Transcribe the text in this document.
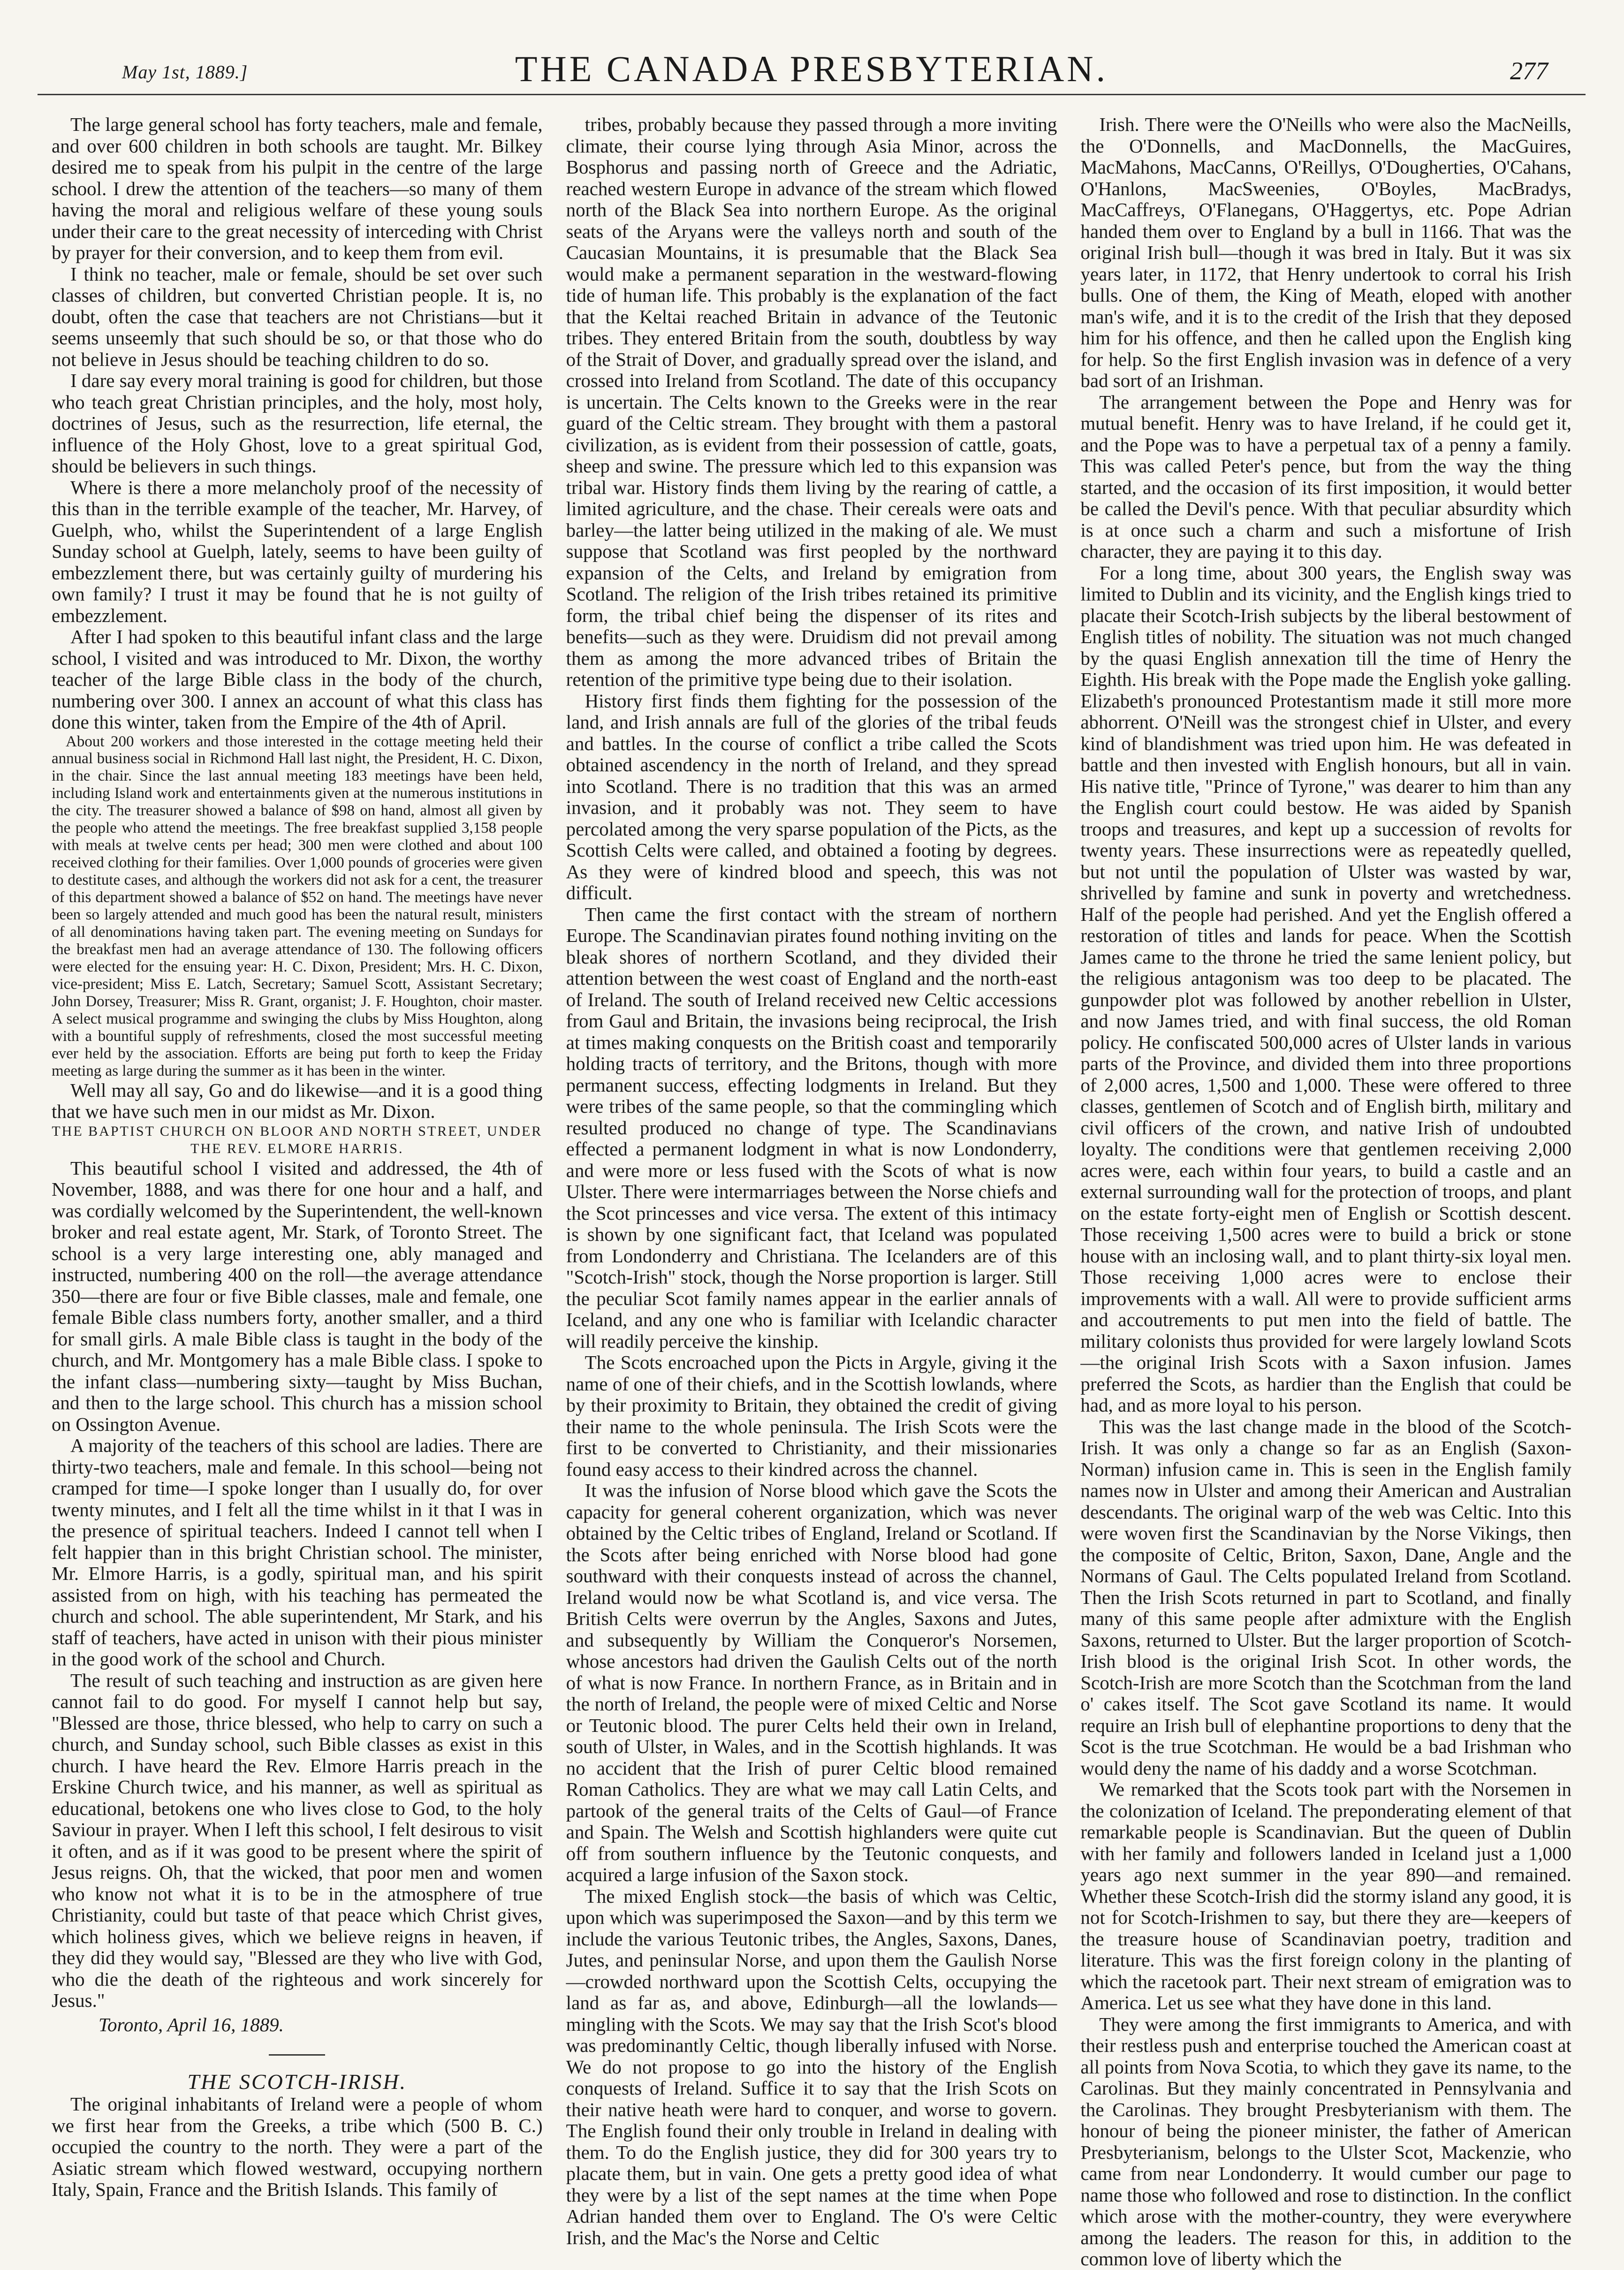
May 1st, 1889.]	THE CANADA PRESBYTERIAN.	277

The large general school has forty teachers, male and female, and over 600 children in both schools are taught. Mr. Bilkey desired me to speak from his pulpit in the centre of the large school. I drew the attention of the teachers—so many of them having the moral and religious welfare of these young souls under their care to the great necessity of interceding with Christ by prayer for their conversion, and to keep them from evil.

I think no teacher, male or female, should be set over such classes of children, but converted Christian people. It is, no doubt, often the case that teachers are not Christians—but it seems unseemly that such should be so, or that those who do not believe in Jesus should be teaching children to do so.

I dare say every moral training is good for children, but those who teach great Christian principles, and the holy, most holy, doctrines of Jesus, such as the resurrection, life eternal, the influence of the Holy Ghost, love to a great spiritual God, should be believers in such things.

Where is there a more melancholy proof of the necessity of this than in the terrible example of the teacher, Mr. Harvey, of Guelph, who, whilst the Superintendent of a large English Sunday school at Guelph, lately, seems to have been guilty of embezzlement there, but was certainly guilty of murdering his own family? I trust it may be found that he is not guilty of embezzlement.

After I had spoken to this beautiful infant class and the large school, I visited and was introduced to Mr. Dixon, the worthy teacher of the large Bible class in the body of the church, numbering over 300. I annex an account of what this class has done this winter, taken from the Empire of the 4th of April.

About 200 workers and those interested in the cottage meeting held their annual business social in Richmond Hall last night, the President, H. C. Dixon, in the chair. Since the last annual meeting 183 meetings have been held, including Island work and entertainments given at the numerous institutions in the city. The treasurer showed a balance of $98 on hand, almost all given by the people who attend the meetings. The free breakfast supplied 3,158 people with meals at twelve cents per head; 300 men were clothed and about 100 received clothing for their families. Over 1,000 pounds of groceries were given to destitute cases, and although the workers did not ask for a cent, the treasurer of this department showed a balance of $52 on hand. The meetings have never been so largely attended and much good has been the natural result, ministers of all denominations having taken part. The evening meeting on Sundays for the breakfast men had an average attendance of 130. The following officers were elected for the ensuing year: H. C. Dixon, President; Mrs. H. C. Dixon, vice-president; Miss E. Latch, Secretary; Samuel Scott, Assistant Secretary; John Dorsey, Treasurer; Miss R. Grant, organist; J. F. Houghton, choir master. A select musical programme and swinging the clubs by Miss Houghton, along with a bountiful supply of refreshments, closed the most successful meeting ever held by the association. Efforts are being put forth to keep the Friday meeting as large during the summer as it has been in the winter.

Well may all say, Go and do likewise—and it is a good thing that we have such men in our midst as Mr. Dixon.

THE BAPTIST CHURCH ON BLOOR AND NORTH STREET, UNDER THE REV. ELMORE HARRIS.

This beautiful school I visited and addressed, the 4th of November, 1888, and was there for one hour and a half, and was cordially welcomed by the Superintendent, the well-known broker and real estate agent, Mr. Stark, of Toronto Street. The school is a very large interesting one, ably managed and instructed, numbering 400 on the roll—the average attendance 350—there are four or five Bible classes, male and female, one female Bible class numbers forty, another smaller, and a third for small girls. A male Bible class is taught in the body of the church, and Mr. Montgomery has a male Bible class. I spoke to the infant class—numbering sixty—taught by Miss Buchan, and then to the large school. This church has a mission school on Ossington Avenue.

A majority of the teachers of this school are ladies. There are thirty-two teachers, male and female. In this school—being not cramped for time—I spoke longer than I usually do, for over twenty minutes, and I felt all the time whilst in it that I was in the presence of spiritual teachers. Indeed I cannot tell when I felt happier than in this bright Christian school. The minister, Mr. Elmore Harris, is a godly, spiritual man, and his spirit assisted from on high, with his teaching has permeated the church and school. The able superintendent, Mr Stark, and his staff of teachers, have acted in unison with their pious minister in the good work of the school and Church.

The result of such teaching and instruction as are given here cannot fail to do good. For myself I cannot help but say, "Blessed are those, thrice blessed, who help to carry on such a church, and Sunday school, such Bible classes as exist in this church. I have heard the Rev. Elmore Harris preach in the Erskine Church twice, and his manner, as well as spiritual as educational, betokens one who lives close to God, to the holy Saviour in prayer. When I left this school, I felt desirous to visit it often, and as if it was good to be present where the spirit of Jesus reigns. Oh, that the wicked, that poor men and women who know not what it is to be in the atmosphere of true Christianity, could but taste of that peace which Christ gives, which holiness gives, which we believe reigns in heaven, if they did they would say, "Blessed are they who live with God, who die the death of the righteous and work sincerely for Jesus."

Toronto, April 16, 1889.

THE SCOTCH-IRISH.

The original inhabitants of Ireland were a people of whom we first hear from the Greeks, a tribe which (500 B. C.) occupied the country to the north. They were a part of the Asiatic stream which flowed westward, occupying northern Italy, Spain, France and the British Islands. This family of

tribes, probably because they passed through a more inviting climate, their course lying through Asia Minor, across the Bosphorus and passing north of Greece and the Adriatic, reached western Europe in advance of the stream which flowed north of the Black Sea into northern Europe. As the original seats of the Aryans were the valleys north and south of the Caucasian Mountains, it is presumable that the Black Sea would make a permanent separation in the westward-flowing tide of human life. This probably is the explanation of the fact that the Keltai reached Britain in advance of the Teutonic tribes. They entered Britain from the south, doubtless by way of the Strait of Dover, and gradually spread over the island, and crossed into Ireland from Scotland. The date of this occupancy is uncertain. The Celts known to the Greeks were in the rear guard of the Celtic stream. They brought with them a pastoral civilization, as is evident from their possession of cattle, goats, sheep and swine. The pressure which led to this expansion was tribal war. History finds them living by the rearing of cattle, a limited agriculture, and the chase. Their cereals were oats and barley—the latter being utilized in the making of ale. We must suppose that Scotland was first peopled by the northward expansion of the Celts, and Ireland by emigration from Scotland. The religion of the Irish tribes retained its primitive form, the tribal chief being the dispenser of its rites and benefits—such as they were. Druidism did not prevail among them as among the more advanced tribes of Britain the retention of the primitive type being due to their isolation.

History first finds them fighting for the possession of the land, and Irish annals are full of the glories of the tribal feuds and battles. In the course of conflict a tribe called the Scots obtained ascendency in the north of Ireland, and they spread into Scotland. There is no tradition that this was an armed invasion, and it probably was not. They seem to have percolated among the very sparse population of the Picts, as the Scottish Celts were called, and obtained a footing by degrees. As they were of kindred blood and speech, this was not difficult.

Then came the first contact with the stream of northern Europe. The Scandinavian pirates found nothing inviting on the bleak shores of northern Scotland, and they divided their attention between the west coast of England and the north-east of Ireland. The south of Ireland received new Celtic accessions from Gaul and Britain, the invasions being reciprocal, the Irish at times making conquests on the British coast and temporarily holding tracts of territory, and the Britons, though with more permanent success, effecting lodgments in Ireland. But they were tribes of the same people, so that the commingling which resulted produced no change of type. The Scandinavians effected a permanent lodgment in what is now Londonderry, and were more or less fused with the Scots of what is now Ulster. There were intermarriages between the Norse chiefs and the Scot princesses and vice versa. The extent of this intimacy is shown by one significant fact, that Iceland was populated from Londonderry and Christiana. The Icelanders are of this "Scotch-Irish" stock, though the Norse proportion is larger. Still the peculiar Scot family names appear in the earlier annals of Iceland, and any one who is familiar with Icelandic character will readily perceive the kinship.

The Scots encroached upon the Picts in Argyle, giving it the name of one of their chiefs, and in the Scottish lowlands, where by their proximity to Britain, they obtained the credit of giving their name to the whole peninsula. The Irish Scots were the first to be converted to Christianity, and their missionaries found easy access to their kindred across the channel.

It was the infusion of Norse blood which gave the Scots the capacity for general coherent organization, which was never obtained by the Celtic tribes of England, Ireland or Scotland. If the Scots after being enriched with Norse blood had gone southward with their conquests instead of across the channel, Ireland would now be what Scotland is, and vice versa. The British Celts were overrun by the Angles, Saxons and Jutes, and subsequently by William the Conqueror's Norsemen, whose ancestors had driven the Gaulish Celts out of the north of what is now France. In northern France, as in Britain and in the north of Ireland, the people were of mixed Celtic and Norse or Teutonic blood. The purer Celts held their own in Ireland, south of Ulster, in Wales, and in the Scottish highlands. It was no accident that the Irish of purer Celtic blood remained Roman Catholics. They are what we may call Latin Celts, and partook of the general traits of the Celts of Gaul—of France and Spain. The Welsh and Scottish highlanders were quite cut off from southern influence by the Teutonic conquests, and acquired a large infusion of the Saxon stock.

The mixed English stock—the basis of which was Celtic, upon which was superimposed the Saxon—and by this term we include the various Teutonic tribes, the Angles, Saxons, Danes, Jutes, and peninsular Norse, and upon them the Gaulish Norse—crowded northward upon the Scottish Celts, occupying the land as far as, and above, Edinburgh—all the lowlands—mingling with the Scots. We may say that the Irish Scot's blood was predominantly Celtic, though liberally infused with Norse. We do not propose to go into the history of the English conquests of Ireland. Suffice it to say that the Irish Scots on their native heath were hard to conquer, and worse to govern. The English found their only trouble in Ireland in dealing with them. To do the English justice, they did for 300 years try to placate them, but in vain. One gets a pretty good idea of what they were by a list of the sept names at the time when Pope Adrian handed them over to England. The O's were Celtic Irish, and the Mac's the Norse and Celtic

Irish. There were the O'Neills who were also the MacNeills, the O'Donnells, and MacDonnells, the MacGuires, MacMahons, MacCanns, O'Reillys, O'Dougherties, O'Cahans, O'Hanlons, MacSweenies, O'Boyles, MacBradys, MacCaffreys, O'Flanegans, O'Haggertys, etc. Pope Adrian handed them over to England by a bull in 1166. That was the original Irish bull—though it was bred in Italy. But it was six years later, in 1172, that Henry undertook to corral his Irish bulls. One of them, the King of Meath, eloped with another man's wife, and it is to the credit of the Irish that they deposed him for his offence, and then he called upon the English king for help. So the first English invasion was in defence of a very bad sort of an Irishman.

The arrangement between the Pope and Henry was for mutual benefit. Henry was to have Ireland, if he could get it, and the Pope was to have a perpetual tax of a penny a family. This was called Peter's pence, but from the way the thing started, and the occasion of its first imposition, it would better be called the Devil's pence. With that peculiar absurdity which is at once such a charm and such a misfortune of Irish character, they are paying it to this day.

For a long time, about 300 years, the English sway was limited to Dublin and its vicinity, and the English kings tried to placate their Scotch-Irish subjects by the liberal bestowment of English titles of nobility. The situation was not much changed by the quasi English annexation till the time of Henry the Eighth. His break with the Pope made the English yoke galling. Elizabeth's pronounced Protestantism made it still more more abhorrent. O'Neill was the strongest chief in Ulster, and every kind of blandishment was tried upon him. He was defeated in battle and then invested with English honours, but all in vain. His native title, "Prince of Tyrone," was dearer to him than any the English court could bestow. He was aided by Spanish troops and treasures, and kept up a succession of revolts for twenty years. These insurrections were as repeatedly quelled, but not until the population of Ulster was wasted by war, shrivelled by famine and sunk in poverty and wretchedness. Half of the people had perished. And yet the English offered a restoration of titles and lands for peace. When the Scottish James came to the throne he tried the same lenient policy, but the religious antagonism was too deep to be placated. The gunpowder plot was followed by another rebellion in Ulster, and now James tried, and with final success, the old Roman policy. He confiscated 500,000 acres of Ulster lands in various parts of the Province, and divided them into three proportions of 2,000 acres, 1,500 and 1,000. These were offered to three classes, gentlemen of Scotch and of English birth, military and civil officers of the crown, and native Irish of undoubted loyalty. The conditions were that gentlemen receiving 2,000 acres were, each within four years, to build a castle and an external surrounding wall for the protection of troops, and plant on the estate forty-eight men of English or Scottish descent. Those receiving 1,500 acres were to build a brick or stone house with an inclosing wall, and to plant thirty-six loyal men. Those receiving 1,000 acres were to enclose their improvements with a wall. All were to provide sufficient arms and accoutrements to put men into the field of battle. The military colonists thus provided for were largely lowland Scots—the original Irish Scots with a Saxon infusion. James preferred the Scots, as hardier than the English that could be had, and as more loyal to his person.

This was the last change made in the blood of the Scotch-Irish. It was only a change so far as an English (Saxon-Norman) infusion came in. This is seen in the English family names now in Ulster and among their American and Australian descendants. The original warp of the web was Celtic. Into this were woven first the Scandinavian by the Norse Vikings, then the composite of Celtic, Briton, Saxon, Dane, Angle and the Normans of Gaul. The Celts populated Ireland from Scotland. Then the Irish Scots returned in part to Scotland, and finally many of this same people after admixture with the English Saxons, returned to Ulster. But the larger proportion of Scotch-Irish blood is the original Irish Scot. In other words, the Scotch-Irish are more Scotch than the Scotchman from the land o' cakes itself. The Scot gave Scotland its name. It would require an Irish bull of elephantine proportions to deny that the Scot is the true Scotchman. He would be a bad Irishman who would deny the name of his daddy and a worse Scotchman.

We remarked that the Scots took part with the Norsemen in the colonization of Iceland. The preponderating element of that remarkable people is Scandinavian. But the queen of Dublin with her family and followers landed in Iceland just a 1,000 years ago next summer in the year 890—and remained. Whether these Scotch-Irish did the stormy island any good, it is not for Scotch-Irishmen to say, but there they are—keepers of the treasure house of Scandinavian poetry, tradition and literature. This was the first foreign colony in the planting of which the racetook part. Their next stream of emigration was to America. Let us see what they have done in this land.

They were among the first immigrants to America, and with their restless push and enterprise touched the American coast at all points from Nova Scotia, to which they gave its name, to the Carolinas. But they mainly concentrated in Pennsylvania and the Carolinas. They brought Presbyterianism with them. The honour of being the pioneer minister, the father of American Presbyterianism, belongs to the Ulster Scot, Mackenzie, who came from near Londonderry. It would cumber our page to name those who followed and rose to distinction. In the conflict which arose with the mother-country, they were everywhere among the leaders. The reason for this, in addition to the common love of liberty which the
